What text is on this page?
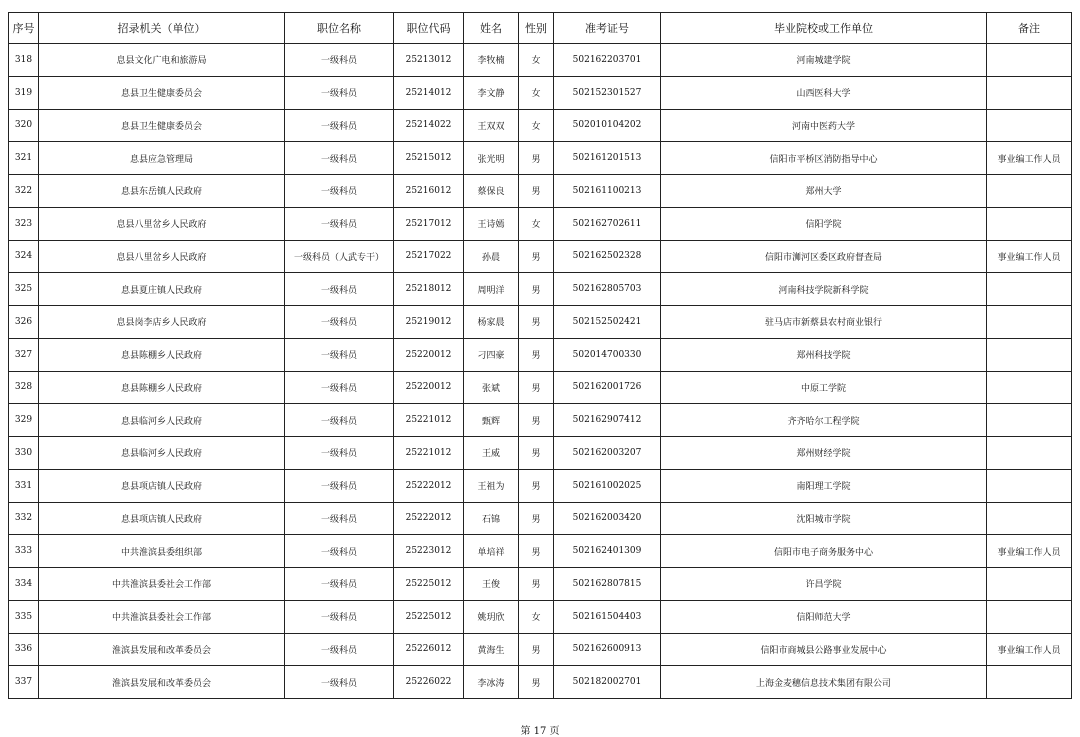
序号	招录机关（单位）	职位名称	职位代码	姓名	性别	准考证号	毕业院校或工作单位	备注
318	息县文化广电和旅游局	一级科员	25213012	李牧楠	女	502162203701	河南城建学院	
319	息县卫生健康委员会	一级科员	25214012	李文静	女	502152301527	山西医科大学	
320	息县卫生健康委员会	一级科员	25214022	王双双	女	502010104202	河南中医药大学	
321	息县应急管理局	一级科员	25215012	张光明	男	502161201513	信阳市平桥区消防指导中心	事业编工作人员
322	息县东岳镇人民政府	一级科员	25216012	蔡保良	男	502161100213	郑州大学	
323	息县八里岔乡人民政府	一级科员	25217012	王诗嫣	女	502162702611	信阳学院	
324	息县八里岔乡人民政府	一级科员（人武专干）	25217022	孙晨	男	502162502328	信阳市浉河区委区政府督查局	事业编工作人员
325	息县夏庄镇人民政府	一级科员	25218012	周明洋	男	502162805703	河南科技学院新科学院	
326	息县岗李店乡人民政府	一级科员	25219012	杨家晨	男	502152502421	驻马店市新蔡县农村商业银行	
327	息县陈棚乡人民政府	一级科员	25220012	刁四豪	男	502014700330	郑州科技学院	
328	息县陈棚乡人民政府	一级科员	25220012	张斌	男	502162001726	中原工学院	
329	息县临河乡人民政府	一级科员	25221012	甄辉	男	502162907412	齐齐哈尔工程学院	
330	息县临河乡人民政府	一级科员	25221012	王威	男	502162003207	郑州财经学院	
331	息县项店镇人民政府	一级科员	25222012	王祖为	男	502161002025	南阳理工学院	
332	息县项店镇人民政府	一级科员	25222012	石锦	男	502162003420	沈阳城市学院	
333	中共淮滨县委组织部	一级科员	25223012	单培祥	男	502162401309	信阳市电子商务服务中心	事业编工作人员
334	中共淮滨县委社会工作部	一级科员	25225012	王俊	男	502162807815	许昌学院	
335	中共淮滨县委社会工作部	一级科员	25225012	姚玥欣	女	502161504403	信阳师范大学	
336	淮滨县发展和改革委员会	一级科员	25226012	黄海生	男	502162600913	信阳市商城县公路事业发展中心	事业编工作人员
337	淮滨县发展和改革委员会	一级科员	25226022	李冰涛	男	502182002701	上海金麦穗信息技术集团有限公司	
第 17 页
